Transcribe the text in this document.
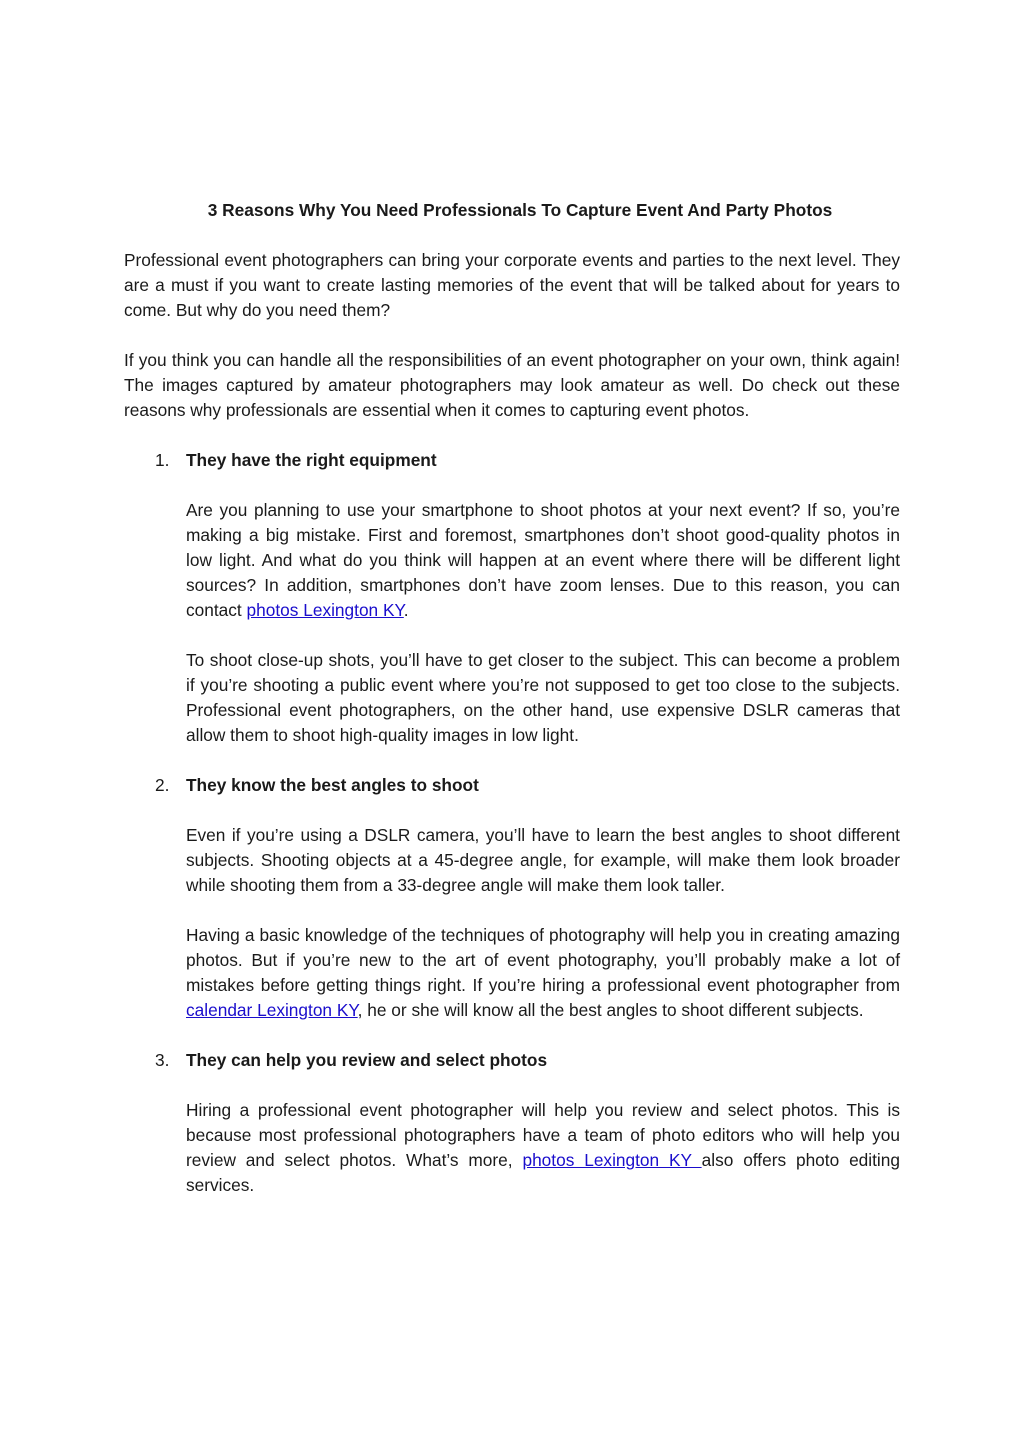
3 Reasons Why You Need Professionals To Capture Event And Party Photos

Professional event photographers can bring your corporate events and parties to the next level. They are a must if you want to create lasting memories of the event that will be talked about for years to come. But why do you need them?

If you think you can handle all the responsibilities of an event photographer on your own, think again! The images captured by amateur photographers may look amateur as well. Do check out these reasons why professionals are essential when it comes to capturing event photos.

1. They have the right equipment

Are you planning to use your smartphone to shoot photos at your next event? If so, you’re making a big mistake. First and foremost, smartphones don’t shoot good-quality photos in low light. And what do you think will happen at an event where there will be different light sources? In addition, smartphones don’t have zoom lenses. Due to this reason, you can contact photos Lexington KY.

To shoot close-up shots, you’ll have to get closer to the subject. This can become a problem if you’re shooting a public event where you’re not supposed to get too close to the subjects. Professional event photographers, on the other hand, use expensive DSLR cameras that allow them to shoot high-quality images in low light.

2. They know the best angles to shoot

Even if you’re using a DSLR camera, you’ll have to learn the best angles to shoot different subjects. Shooting objects at a 45-degree angle, for example, will make them look broader while shooting them from a 33-degree angle will make them look taller.

Having a basic knowledge of the techniques of photography will help you in creating amazing photos. But if you’re new to the art of event photography, you’ll probably make a lot of mistakes before getting things right. If you’re hiring a professional event photographer from calendar Lexington KY, he or she will know all the best angles to shoot different subjects.

3. They can help you review and select photos

Hiring a professional event photographer will help you review and select photos. This is because most professional photographers have a team of photo editors who will help you review and select photos. What’s more, photos Lexington KY also offers photo editing services.
